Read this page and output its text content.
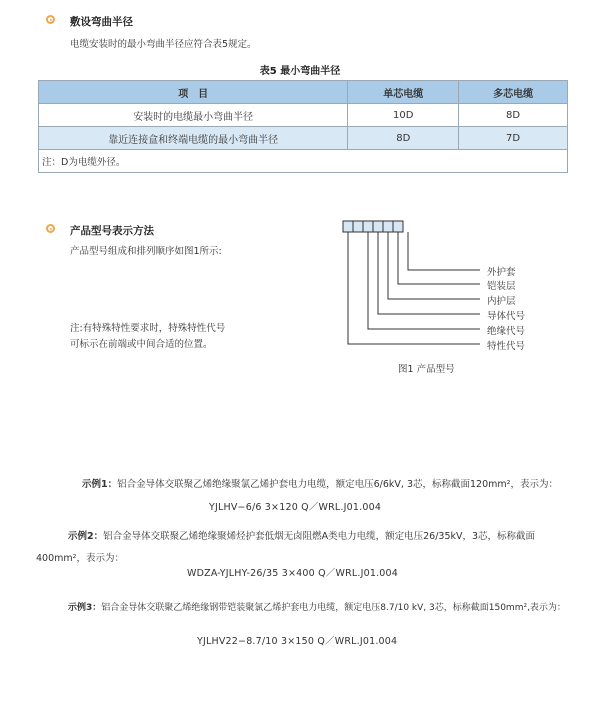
敷设弯曲半径
电缆安装时的最小弯曲半径应符合表5规定。
表5 最小弯曲半径
项　目	单芯电缆	多芯电缆
安装时的电缆最小弯曲半径	10D	8D
靠近连接盒和终端电缆的最小弯曲半径	8D	7D
注：D为电缆外径。		
产品型号表示方法
产品型号组成和排列顺序如图1所示:
注:有特殊特性要求时，特殊特性代号
可标示在前端或中间合适的位置。
外护套
铠装层
内护层
导体代号
绝缘代号
特性代号
图1 产品型号
示例1：铝合金导体交联聚乙烯绝缘聚氯乙烯护套电力电缆，额定电压6/6kV, 3芯，标称截面120mm²，表示为：
YJLHV−6/6 3×120 Q／WRL.J01.004
示例2：铝合金导体交联聚乙烯绝缘聚烯烃护套低烟无卤阻燃A类电力电缆，额定电压26/35kV，3芯，标称截面
400mm²，表示为：
WDZA-YJLHY-26/35 3×400 Q／WRL.J01.004
示例3：铝合金导体交联聚乙烯绝缘钢带铠装聚氯乙烯护套电力电缆，额定电压8.7/10 kV, 3芯，标称截面150mm²,表示为：
YJLHV22−8.7/10 3×150 Q／WRL.J01.004
